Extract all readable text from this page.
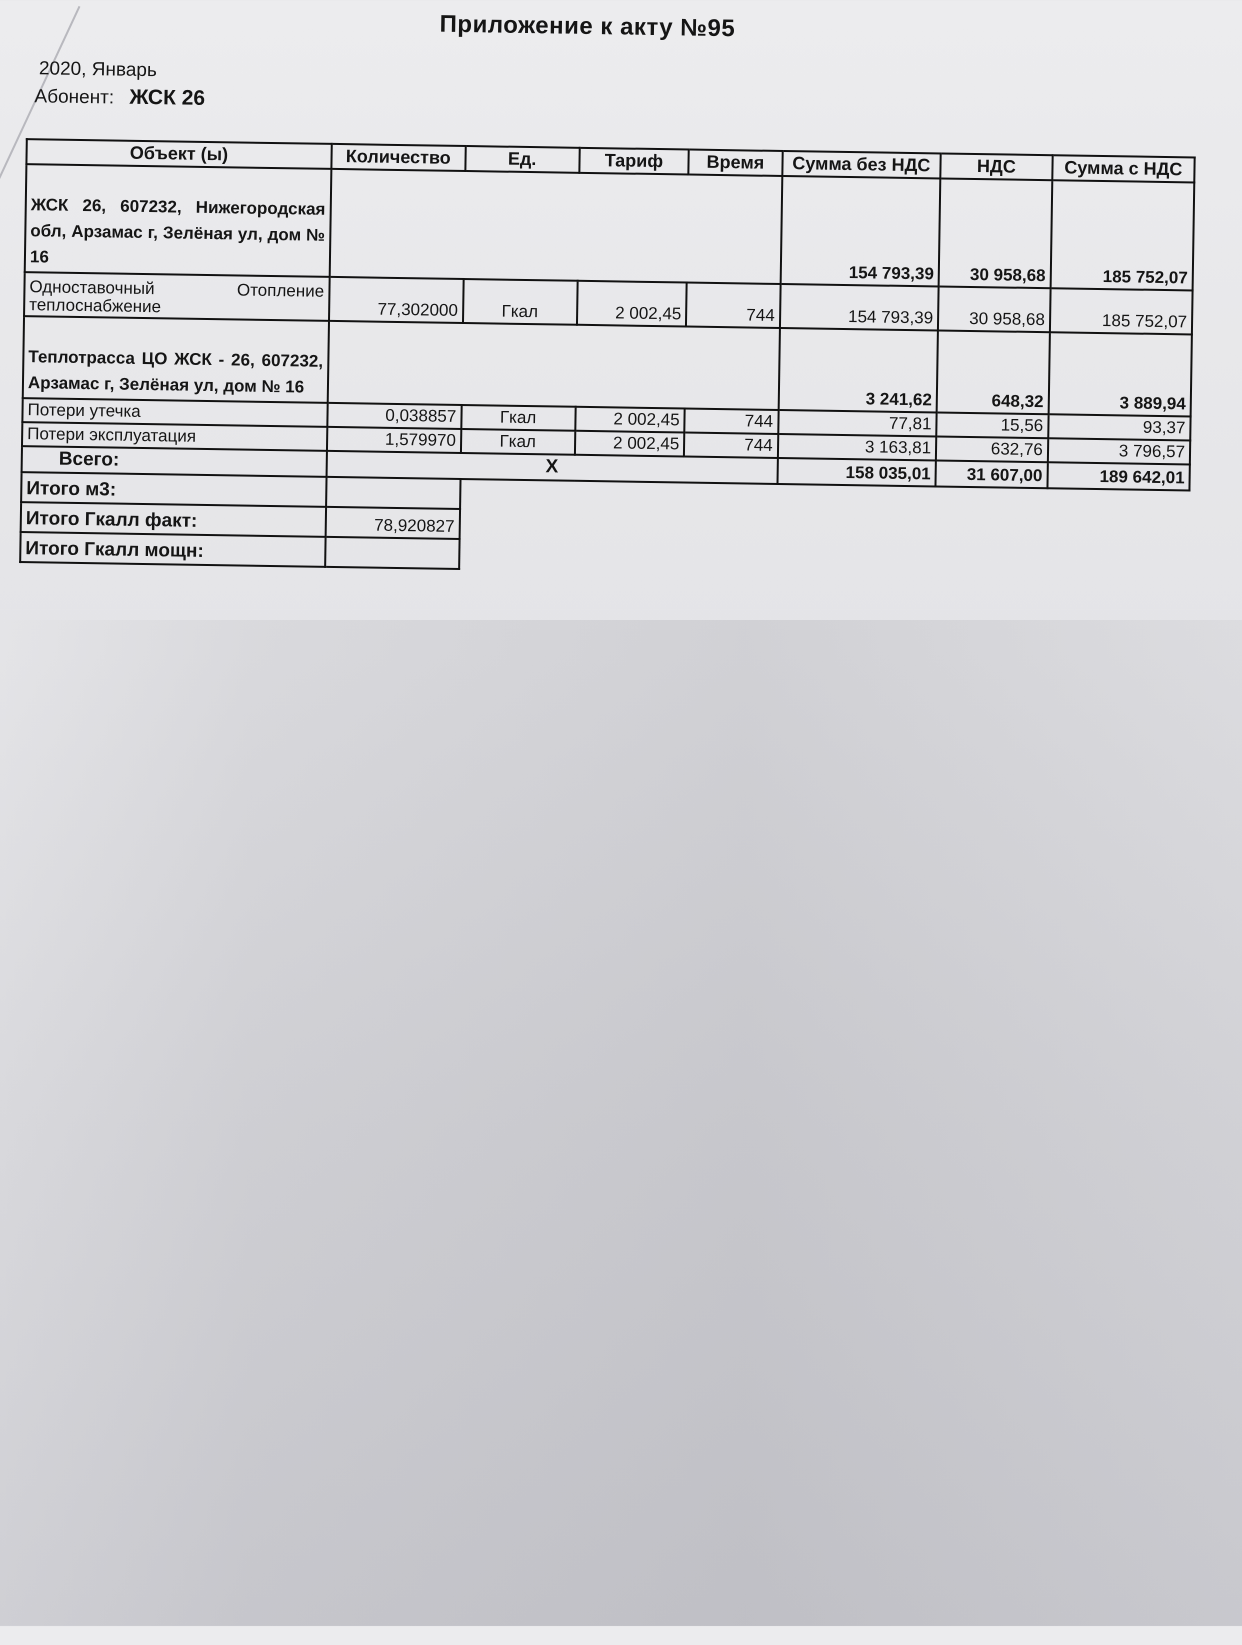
Приложение к акту №95
2020, Январь
Абонент: ЖСК 26
Объект (ы)	Количество	Ед.	Тариф	Время	Сумма без НДС	НДС	Сумма с НДС
ЖСК 26, 607232, Нижегородская обл, Арзамас г, Зелёная ул, дом № 16					154 793,39	30 958,68	185 752,07
Одноставочный Отопление теплоснабжение	77,302000	Гкал	2 002,45	744	154 793,39	30 958,68	185 752,07
Теплотрасса ЦО ЖСК - 26, 607232, Арзамас г, Зелёная ул, дом № 16					3 241,62	648,32	3 889,94
Потери утечка	0,038857	Гкал	2 002,45	744	77,81	15,56	93,37
Потери эксплуатация	1,579970	Гкал	2 002,45	744	3 163,81	632,76	3 796,57
Всего:	Х				158 035,01	31 607,00	189 642,01
Итого м3:							
Итого Гкалл факт:	78,920827						
Итого Гкалл мощн:							
